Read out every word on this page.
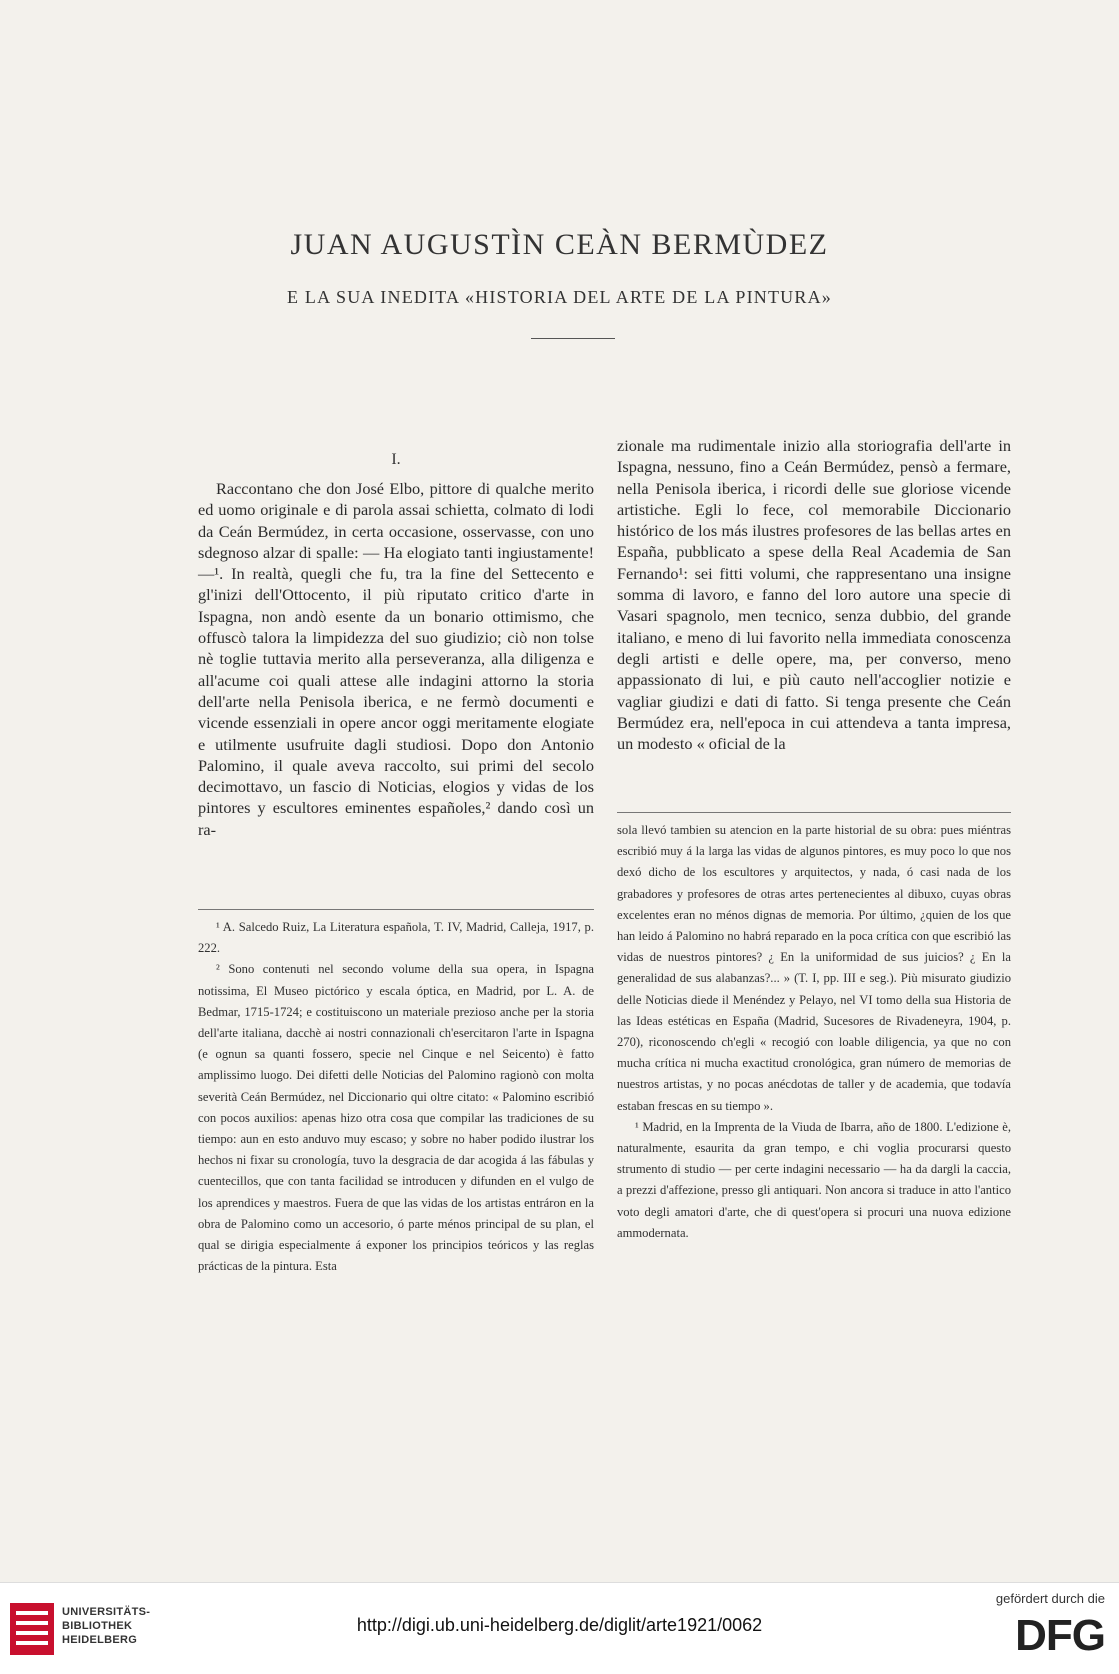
JUAN AUGUSTÌN CEÀN BERMÙDEZ
E LA SUA INEDITA «HISTORIA DEL ARTE DE LA PINTURA»
I.

Raccontano che don José Elbo, pittore di qualche merito ed uomo originale e di parola assai schietta, colmato di lodi da Ceán Bermúdez, in certa occasione, osservasse, con uno sdegnoso alzar di spalle: — Ha elogiato tanti ingiustamente! —¹. In realtà, quegli che fu, tra la fine del Settecento e gl'inizi dell'Ottocento, il più riputato critico d'arte in Ispagna, non andò esente da un bonario ottimismo, che offuscò talora la limpidezza del suo giudizio; ciò non tolse nè toglie tuttavia merito alla perseveranza, alla diligenza e all'acume coi quali attese alle indagini attorno la storia dell'arte nella Penisola iberica, e ne fermò documenti e vicende essenziali in opere ancor oggi meritamente elogiate e utilmente usufruite dagli studiosi. Dopo don Antonio Palomino, il quale aveva raccolto, sui primi del secolo decimottavo, un fascio di Noticias, elogios y vidas de los pintores y escultores eminentes españoles,² dando così un ra-

zionale ma rudimentale inizio alla storiografia dell'arte in Ispagna, nessuno, fino a Ceán Bermúdez, pensò a fermare, nella Penisola iberica, i ricordi delle sue gloriose vicende artistiche. Egli lo fece, col memorabile Diccionario histórico de los más ilustres profesores de las bellas artes en España, pubblicato a spese della Real Academia de San Fernando¹: sei fitti volumi, che rappresentano una insigne somma di lavoro, e fanno del loro autore una specie di Vasari spagnolo, men tecnico, senza dubbio, del grande italiano, e meno di lui favorito nella immediata conoscenza degli artisti e delle opere, ma, per converso, meno appassionato di lui, e più cauto nell'accoglier notizie e vagliar giudizi e dati di fatto. Si tenga presente che Ceán Bermúdez era, nell'epoca in cui attendeva a tanta impresa, un modesto « oficial de la

¹ A. Salcedo Ruiz, La Literatura española, T. IV, Madrid, Calleja, 1917, p. 222.

² Sono contenuti nel secondo volume della sua opera, in Ispagna notissima, El Museo pictórico y escala óptica, en Madrid, por L. A. de Bedmar, 1715-1724; e costituiscono un materiale prezioso anche per la storia dell'arte italiana, dacchè ai nostri connazionali ch'esercitaron l'arte in Ispagna (e ognun sa quanti fossero, specie nel Cinque e nel Seicento) è fatto amplissimo luogo. Dei difetti delle Noticias del Palomino ragionò con molta severità Ceán Bermúdez, nel Diccionario qui oltre citato: « Palomino escribió con pocos auxilios: apenas hizo otra cosa que compilar las tradiciones de su tiempo: aun en esto anduvo muy escaso; y sobre no haber podido ilustrar los hechos ni fixar su cronología, tuvo la desgracia de dar acogida á las fábulas y cuentecillos, que con tanta facilidad se introducen y difunden en el vulgo de los aprendices y maestros. Fuera de que las vidas de los artistas entráron en la obra de Palomino como un accesorio, ó parte ménos principal de su plan, el qual se dirigia especialmente á exponer los principios teóricos y las reglas prácticas de la pintura. Esta

sola llevó tambien su atencion en la parte historial de su obra: pues miéntras escribió muy á la larga las vidas de algunos pintores, es muy poco lo que nos dexó dicho de los escultores y arquitectos, y nada, ó casi nada de los grabadores y profesores de otras artes pertenecientes al dibuxo, cuyas obras excelentes eran no ménos dignas de memoria. Por último, ¿quien de los que han leido á Palomino no habrá reparado en la poca crítica con que escribió las vidas de nuestros pintores? ¿ En la uniformidad de sus juicios? ¿ En la generalidad de sus alabanzas?... » (T. I, pp. III e seg.). Più misurato giudizio delle Noticias diede il Menéndez y Pelayo, nel VI tomo della sua Historia de las Ideas estéticas en España (Madrid, Sucesores de Rivadeneyra, 1904, p. 270), riconoscendo ch'egli « recogió con loable diligencia, ya que no con mucha crítica ni mucha exactitud cronológica, gran número de memorias de nuestros artistas, y no pocas anécdotas de taller y de academia, que todavía estaban frescas en su tiempo ».

¹ Madrid, en la Imprenta de la Viuda de Ibarra, año de 1800. L'edizione è, naturalmente, esaurita da gran tempo, e chi voglia procurarsi questo strumento di studio — per certe indagini necessario — ha da dargli la caccia, a prezzi d'affezione, presso gli antiquari. Non ancora si traduce in atto l'antico voto degli amatori d'arte, che di quest'opera si procuri una nuova edizione ammodernata.

UNIVERSITÄTS-
BIBLIOTHEK
HEIDELBERG
http://digi.ub.uni-heidelberg.de/diglit/arte1921/0062
gefördert durch die
DFG
